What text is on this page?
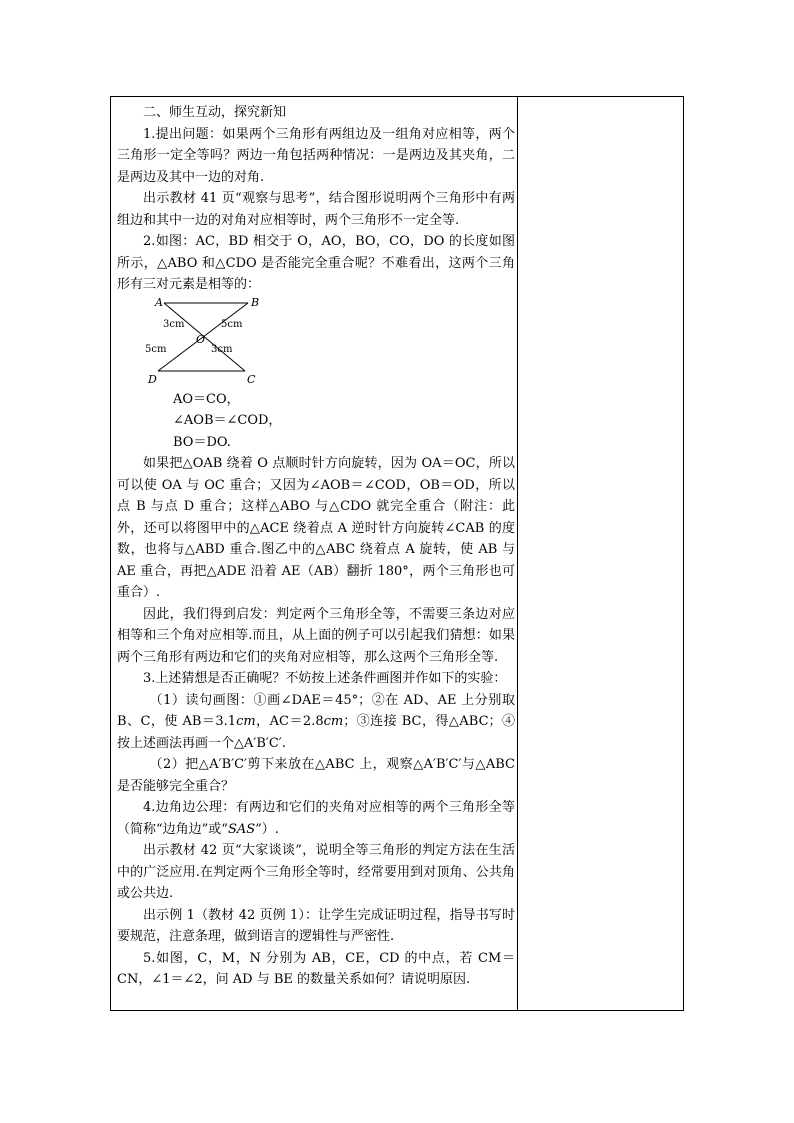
二、师生互动，探究新知

1.提出问题：如果两个三角形有两组边及一组角对应相等，两个三角形一定全等吗？两边一角包括两种情况：一是两边及其夹角，二是两边及其中一边的对角.

出示教材 41 页“观察与思考”，结合图形说明两个三角形中有两组边和其中一边的对角对应相等时，两个三角形不一定全等.

2.如图：AC，BD 相交于 O，AO，BO，CO，DO 的长度如图所示，△ABO 和△CDO 是否能完全重合呢？不难看出，这两个三角形有三对元素是相等的：

A	B
C
D
O
3cm	5cm
5cm	3cm

AO＝CO，

∠AOB＝∠COD，

BO＝DO.

如果把△OAB 绕着 O 点顺时针方向旋转，因为 OA＝OC，所以可以使 OA 与 OC 重合；又因为∠AOB＝∠COD，OB＝OD，所以点 B 与点 D 重合；这样△ABO 与△CDO 就完全重合（附注：此外，还可以将图甲中的△ACE 绕着点 A 逆时针方向旋转∠CAB 的度数，也将与△ABD 重合.图乙中的△ABC 绕着点 A 旋转，使 AB 与 AE 重合，再把△ADE 沿着 AE（AB）翻折 180°，两个三角形也可重合）.

因此，我们得到启发：判定两个三角形全等，不需要三条边对应相等和三个角对应相等.而且，从上面的例子可以引起我们猜想：如果两个三角形有两边和它们的夹角对应相等，那么这两个三角形全等.

3.上述猜想是否正确呢？不妨按上述条件画图并作如下的实验：

（1）读句画图：①画∠DAE＝45°；②在 AD、AE 上分别取 B、C，使 AB＝3.1cm，AC＝2.8cm；③连接 BC，得△ABC；④按上述画法再画一个△A′B′C′.

（2）把△A′B′C′剪下来放在△ABC 上，观察△A′B′C′与△ABC 是否能够完全重合？

4.边角边公理：有两边和它们的夹角对应相等的两个三角形全等（简称“边角边”或“SAS”）.

出示教材 42 页“大家谈谈”，说明全等三角形的判定方法在生活中的广泛应用.在判定两个三角形全等时，经常要用到对顶角、公共角或公共边.

出示例 1（教材 42 页例 1）：让学生完成证明过程，指导书写时要规范，注意条理，做到语言的逻辑性与严密性.

5.如图，C，M，N 分别为 AB，CE，CD 的中点，若 CM＝CN，∠1＝∠2，问 AD 与 BE 的数量关系如何？请说明原因.
